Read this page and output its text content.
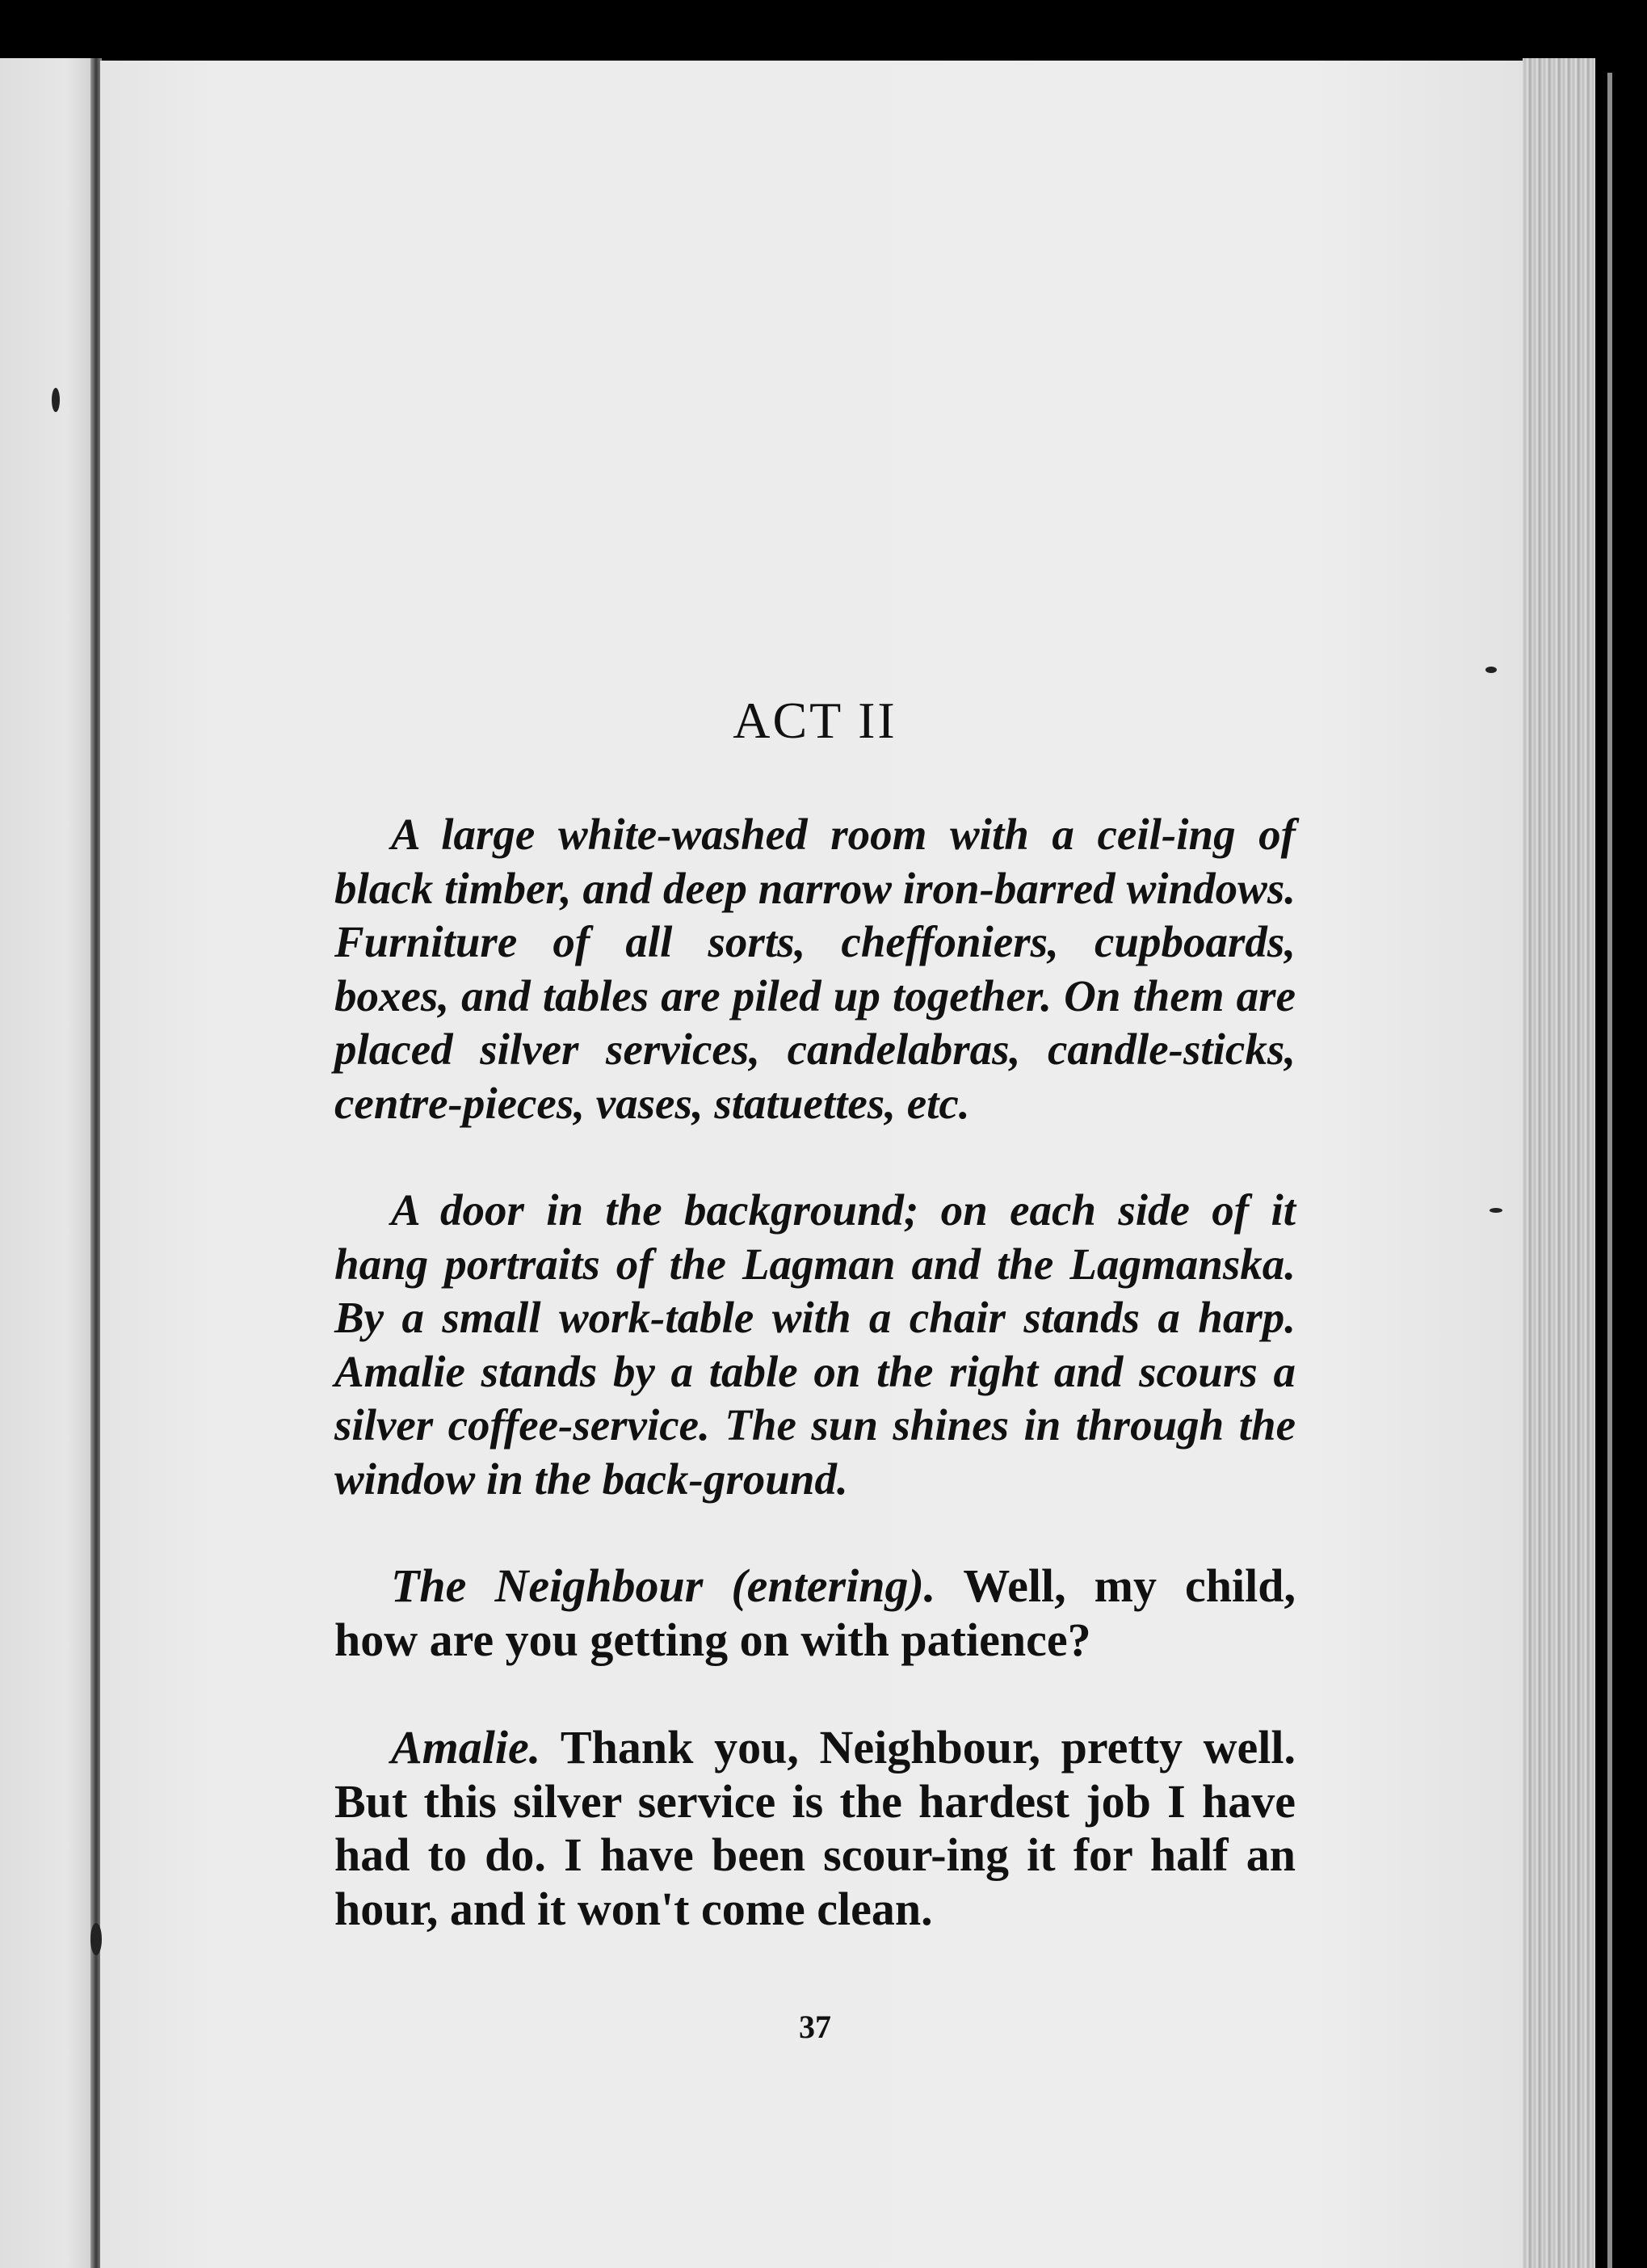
ACT II

A large white-washed room with a ceil-ing of black timber, and deep narrow iron-barred windows. Furniture of all sorts, cheffoniers, cupboards, boxes, and tables are piled up together. On them are placed silver services, candelabras, candle-sticks, centre-pieces, vases, statuettes, etc.

A door in the background; on each side of it hang portraits of the Lagman and the Lagmanska. By a small work-table with a chair stands a harp. Amalie stands by a table on the right and scours a silver coffee-service. The sun shines in through the window in the back-ground.

The Neighbour (entering). Well, my child, how are you getting on with patience?

Amalie. Thank you, Neighbour, pretty well. But this silver service is the hardest job I have had to do. I have been scour-ing it for half an hour, and it won't come clean.

37
